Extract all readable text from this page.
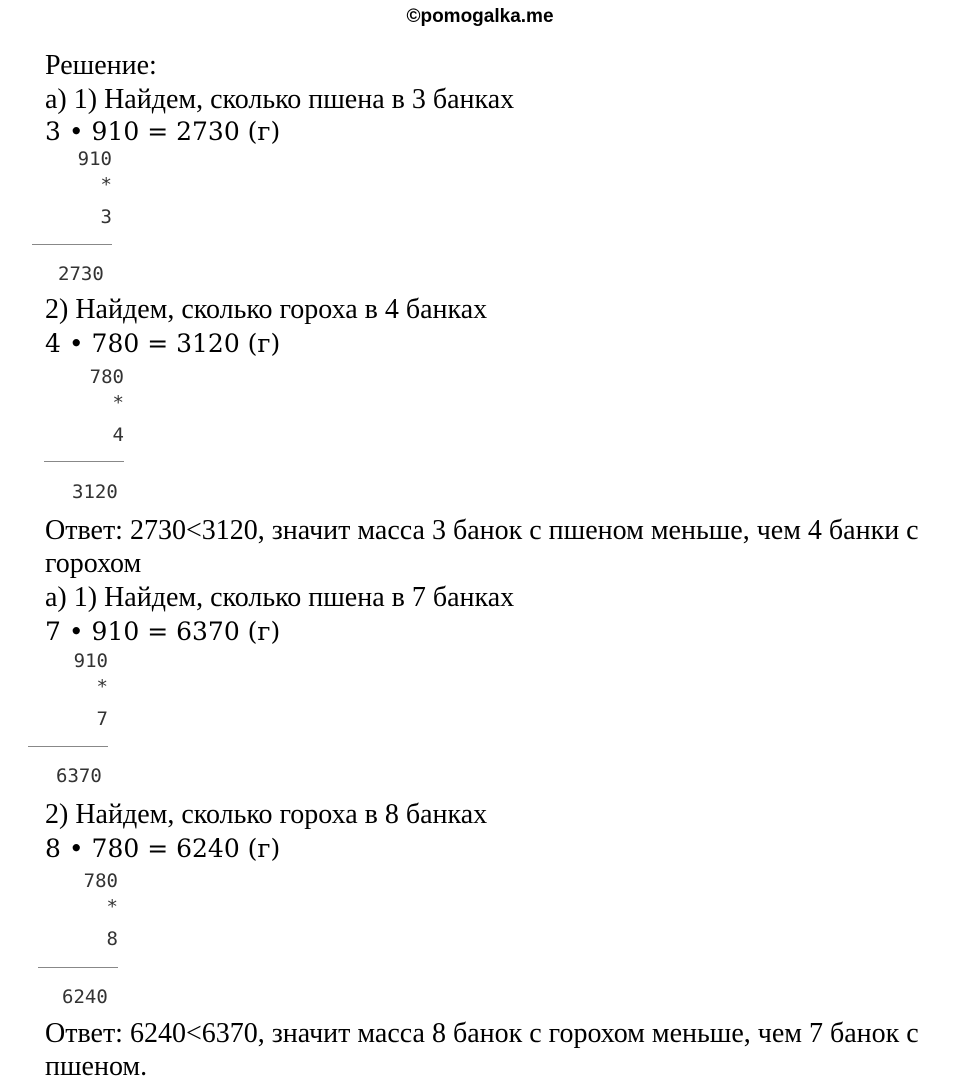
©pomogalka.me
Решение:
а) 1) Найдем, сколько пшена в 3 банках
3 • 910 = 2730 (г)
910
*
3
2730
2) Найдем, сколько гороха в 4 банках
4 • 780 = 3120 (г)
780
*
4
3120
Ответ: 2730<3120, значит масса 3 банок с пшеном меньше, чем 4 банки с
горохом
а) 1) Найдем, сколько пшена в 7 банках
7 • 910 = 6370 (г)
910
*
7
6370
2) Найдем, сколько гороха в 8 банках
8 • 780 = 6240 (г)
780
*
8
6240
Ответ: 6240<6370, значит масса 8 банок с горохом меньше, чем 7 банок с
пшеном.
